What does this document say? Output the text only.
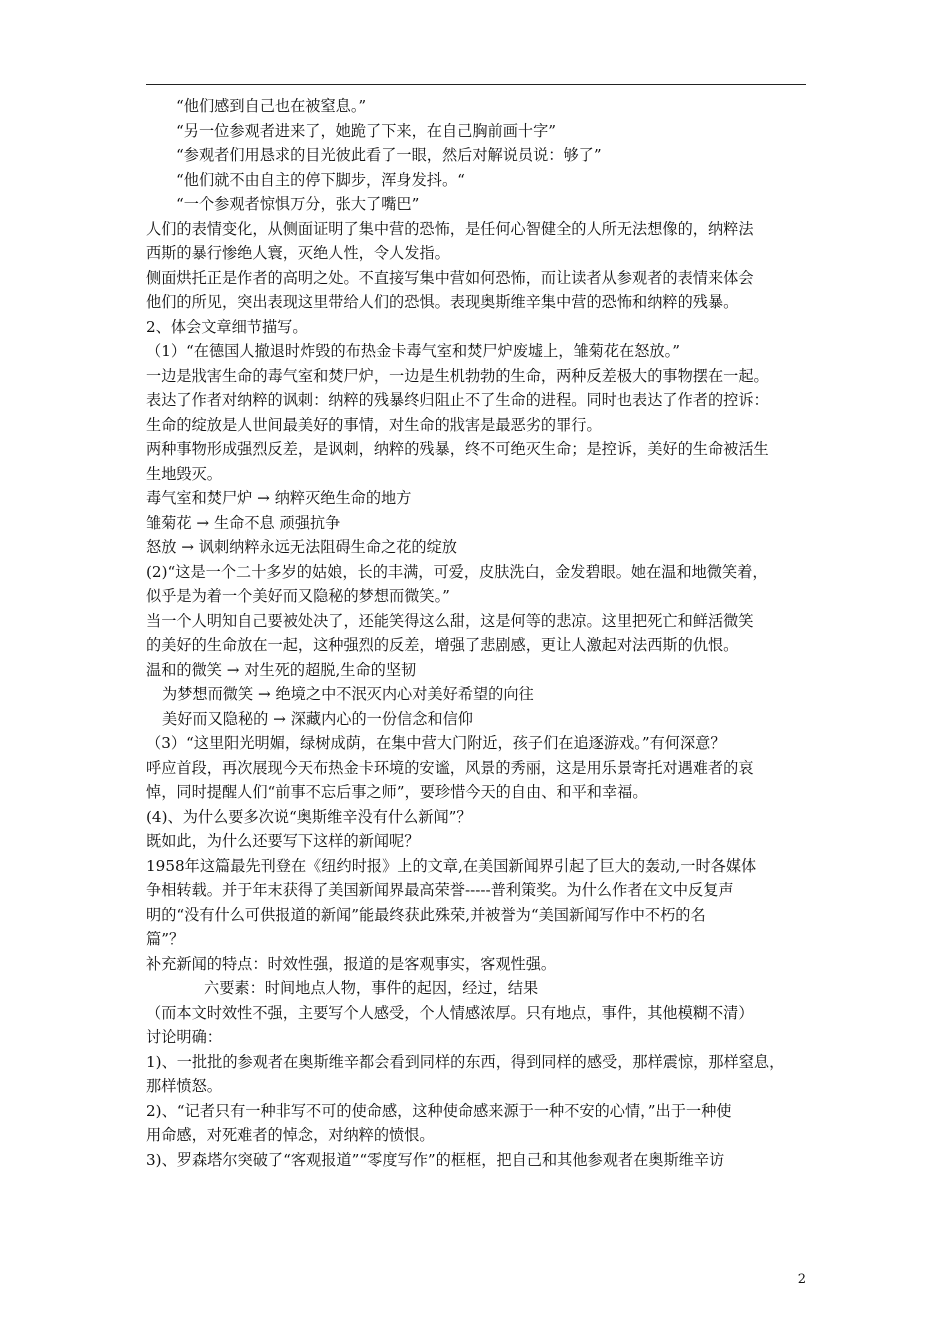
“他们感到自己也在被窒息。”
“另一位参观者进来了，她跪了下来，在自己胸前画十字”
“参观者们用恳求的目光彼此看了一眼，然后对解说员说：够了”
“他们就不由自主的停下脚步，浑身发抖。“
“一个参观者惊惧万分，张大了嘴巴”
人们的表情变化，从侧面证明了集中营的恐怖，是任何心智健全的人所无法想像的，纳粹法
西斯的暴行惨绝人寰，灭绝人性，令人发指。
侧面烘托正是作者的高明之处。不直接写集中营如何恐怖，而让读者从参观者的表情来体会
他们的所见，突出表现这里带给人们的恐惧。表现奥斯维辛集中营的恐怖和纳粹的残暴。
2、体会文章细节描写。
（1）“在德国人撤退时炸毁的布热金卡毒气室和焚尸炉废墟上，雏菊花在怒放。”
一边是戕害生命的毒气室和焚尸炉，一边是生机勃勃的生命，两种反差极大的事物摆在一起。
表达了作者对纳粹的讽刺：纳粹的残暴终归阻止不了生命的进程。同时也表达了作者的控诉：
生命的绽放是人世间最美好的事情，对生命的戕害是最恶劣的罪行。
两种事物形成强烈反差，是讽刺，纳粹的残暴，终不可绝灭生命；是控诉，美好的生命被活生
生地毁灭。
毒气室和焚尸炉 → 纳粹灭绝生命的地方
雏菊花 → 生命不息 顽强抗争
怒放 → 讽刺纳粹永远无法阻碍生命之花的绽放
(2)“这是一个二十多岁的姑娘，长的丰满，可爱，皮肤洗白，金发碧眼。她在温和地微笑着，
似乎是为着一个美好而又隐秘的梦想而微笑。”
当一个人明知自己要被处决了，还能笑得这么甜，这是何等的悲凉。这里把死亡和鲜活微笑
的美好的生命放在一起，这种强烈的反差，增强了悲剧感，更让人激起对法西斯的仇恨。
温和的微笑 → 对生死的超脱,生命的坚韧
为梦想而微笑 → 绝境之中不泯灭内心对美好希望的向往
美好而又隐秘的 → 深藏内心的一份信念和信仰
（3）“这里阳光明媚，绿树成荫，在集中营大门附近，孩子们在追逐游戏。”有何深意？
呼应首段，再次展现今天布热金卡环境的安谧，风景的秀丽，这是用乐景寄托对遇难者的哀
悼，同时提醒人们“前事不忘后事之师”，要珍惜今天的自由、和平和幸福。
(4)、为什么要多次说“奥斯维辛没有什么新闻”？
既如此，为什么还要写下这样的新闻呢？
1958年这篇最先刊登在《纽约时报》上的文章,在美国新闻界引起了巨大的轰动,一时各媒体
争相转载。并于年末获得了美国新闻界最高荣誉-----普利策奖。为什么作者在文中反复声
明的“没有什么可供报道的新闻”能最终获此殊荣,并被誉为“美国新闻写作中不朽的名
篇”？
补充新闻的特点：时效性强，报道的是客观事实，客观性强。
六要素：时间地点人物，事件的起因，经过，结果
（而本文时效性不强，主要写个人感受，个人情感浓厚。只有地点，事件，其他模糊不清）
讨论明确：
1)、一批批的参观者在奥斯维辛都会看到同样的东西，得到同样的感受，那样震惊，那样窒息，
那样愤怒。
2)、“记者只有一种非写不可的使命感，这种使命感来源于一种不安的心情，”出于一种使
用命感，对死难者的悼念，对纳粹的愤恨。
3)、罗森塔尔突破了“客观报道”“零度写作”的框框，把自己和其他参观者在奥斯维辛访
2
